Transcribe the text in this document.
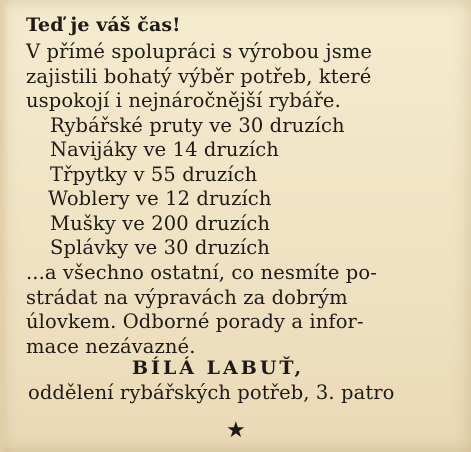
Teď je váš čas!
V přímé spolupráci s výrobou jsme
zajistili bohatý výběr potřeb, které
uspokojí i nejnáročnější rybáře.
Rybářské pruty ve 30 druzích
Navijáky ve 14 druzích
Třpytky v 55 druzích
Woblery ve 12 druzích
Mušky ve 200 druzích
Splávky ve 30 druzích
...a všechno ostatní, co nesmíte po-
strádat na výpravách za dobrým
úlovkem. Odborné porady a infor-
mace nezávazné.
BÍLÁ LABUŤ,
oddělení rybářských potřeb, 3. patro
★
